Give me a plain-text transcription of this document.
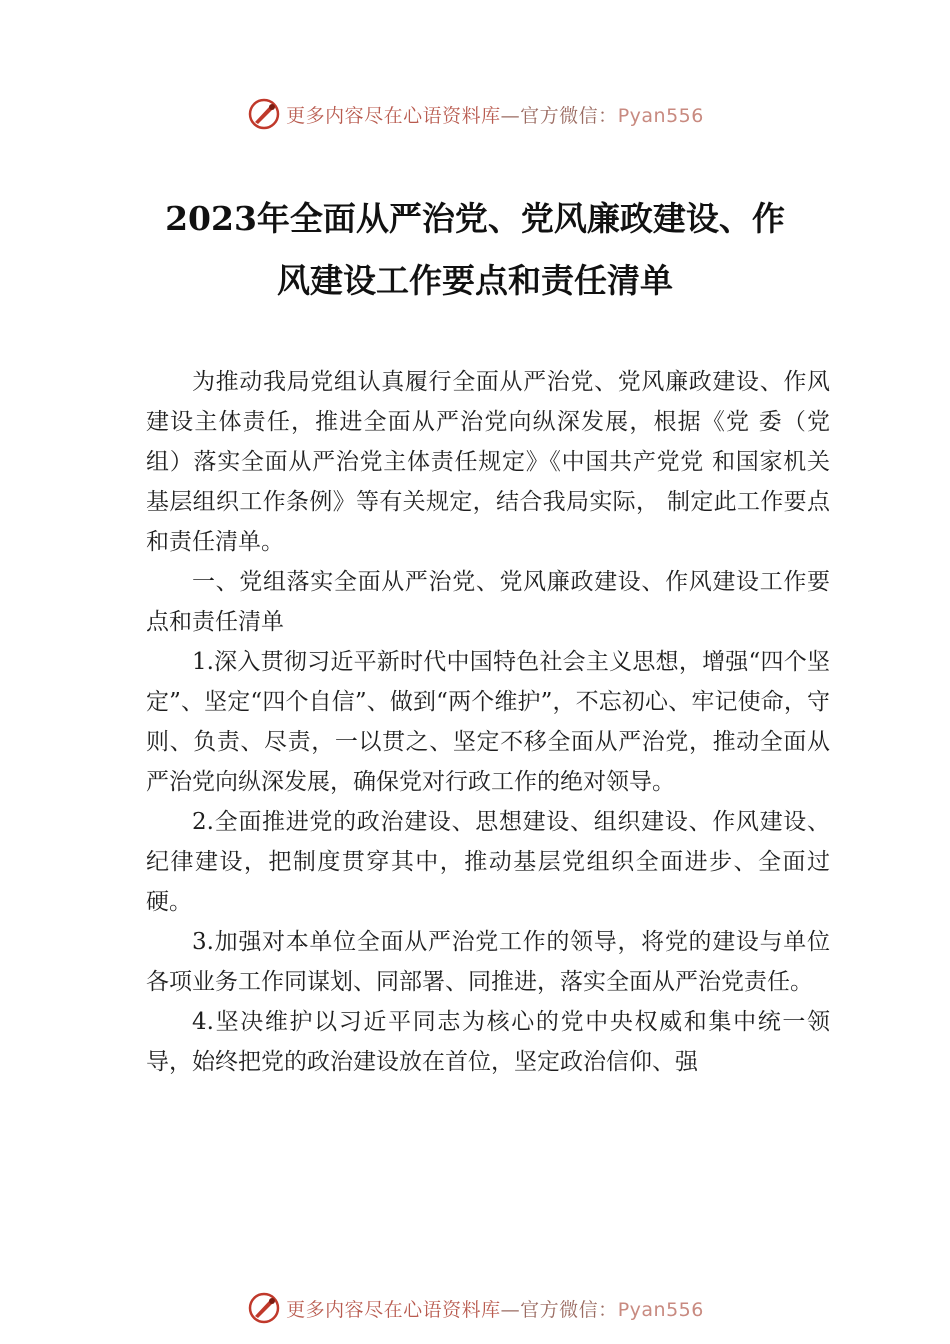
更多内容尽在心语资料库—官方微信：Pyan556
2023年全面从严治党、党风廉政建设、作
风建设工作要点和责任清单

为推动我局党组认真履行全面从严治党、党风廉政建设、作风建设主体责任，推进全面从严治党向纵深发展，根据《党 委（党组）落实全面从严治党主体责任规定》《中国共产党党 和国家机关基层组织工作条例》等有关规定，结合我局实际， 制定此工作要点和责任清单。

一、党组落实全面从严治党、党风廉政建设、作风建设工作要点和责任清单

1.深入贯彻习近平新时代中国特色社会主义思想，增强“四个坚定”、坚定“四个自信”、做到“两个维护”，不忘初心、牢记使命，守则、负责、尽责，一以贯之、坚定不移全面从严治党，推动全面从严治党向纵深发展，确保党对行政工作的绝对领导。

2.全面推进党的政治建设、思想建设、组织建设、作风建设、纪律建设，把制度贯穿其中，推动基层党组织全面进步、全面过硬。

3.加强对本单位全面从严治党工作的领导，将党的建设与单位各项业务工作同谋划、同部署、同推进，落实全面从严治党责任。

4.坚决维护以习近平同志为核心的党中央权威和集中统一领导，始终把党的政治建设放在首位，坚定政治信仰、强

更多内容尽在心语资料库—官方微信：Pyan556
